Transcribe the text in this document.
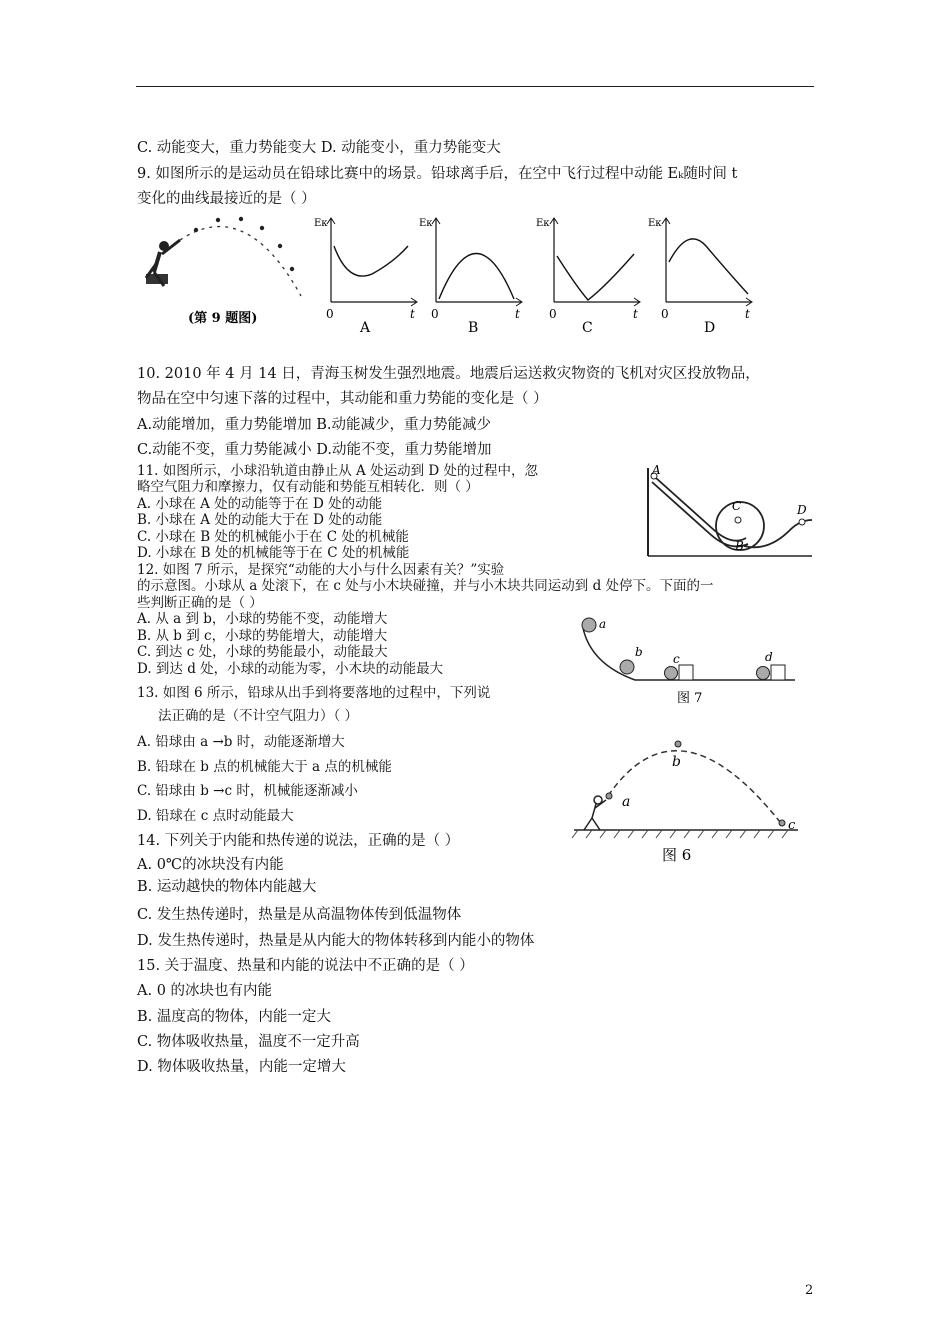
C. 动能变大，重力势能变大 D. 动能变小，重力势能变大
9. 如图所示的是运动员在铅球比赛中的场景。铅球离手后，在空中飞行过程中动能 Eₖ随时间 t
变化的曲线最接近的是（ ）
(第 9 题图)
Eκ
0	t
A
Eκ
0	t
B
Eκ
0	t
C
Eκ
0	t
D
10. 2010 年 4 月 14 日，青海玉树发生强烈地震。地震后运送救灾物资的飞机对灾区投放物品，
物品在空中匀速下落的过程中，其动能和重力势能的变化是（ ）
A.动能增加，重力势能增加 B.动能减少，重力势能减少
C.动能不变，重力势能减小 D.动能不变，重力势能增加
11. 如图所示，小球沿轨道由静止从 A 处运动到 D 处的过程中，忽
略空气阻力和摩擦力，仅有动能和势能互相转化．则（ ）
A. 小球在 A 处的动能等于在 D 处的动能
B. 小球在 A 处的动能大于在 D 处的动能
C. 小球在 B 处的机械能小于在 C 处的机械能
D. 小球在 B 处的机械能等于在 C 处的机械能
A
B
C	D
12. 如图 7 所示，是探究“动能的大小与什么因素有关？”实验
的示意图。小球从 a 处滚下，在 c 处与小木块碰撞，并与小木块共同运动到 d 处停下。下面的一
些判断正确的是（ ）
A. 从 a 到 b，小球的势能不变，动能增大
B. 从 b 到 c，小球的势能增大，动能增大
C. 到达 c 处，小球的势能最小，动能最大
D. 到达 d 处，小球的动能为零，小木块的动能最大
a
b	c	d
图 7
13. 如图 6 所示，铅球从出手到将要落地的过程中，下列说
法正确的是（不计空气阻力）（ ）
A. 铅球由 a →b 时，动能逐渐增大
B. 铅球在 b 点的机械能大于 a 点的机械能
C. 铅球由 b →c 时，机械能逐渐减小
D. 铅球在 c 点时动能最大
a
b
c
图 6
14. 下列关于内能和热传递的说法，正确的是（ ）
A. 0℃的冰块没有内能
B. 运动越快的物体内能越大
C. 发生热传递时，热量是从高温物体传到低温物体
D. 发生热传递时，热量是从内能大的物体转移到内能小的物体
15. 关于温度、热量和内能的说法中不正确的是（ ）
A. 0 的冰块也有内能
B. 温度高的物体，内能一定大
C. 物体吸收热量，温度不一定升高
D. 物体吸收热量，内能一定增大
2
